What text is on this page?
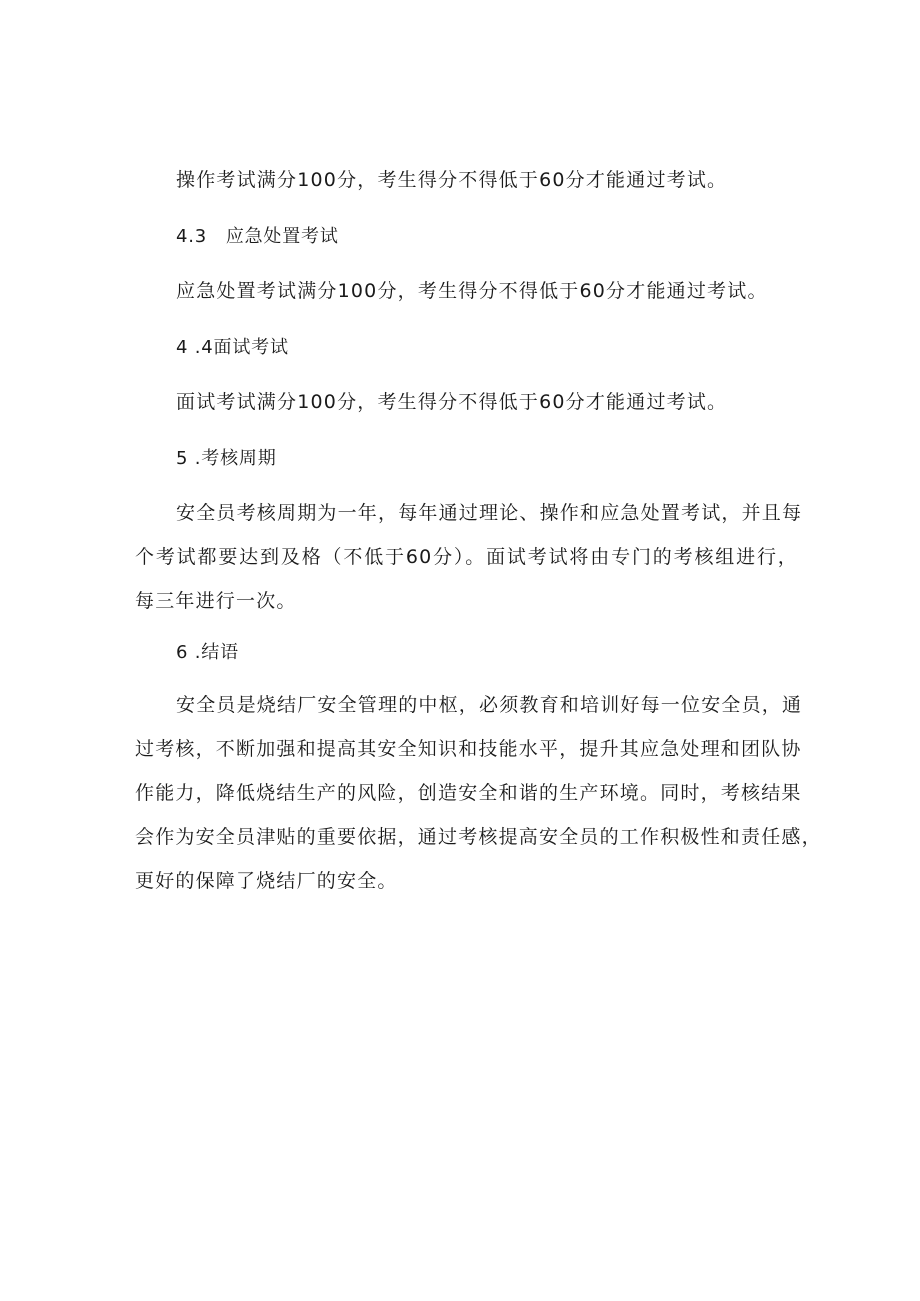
操作考试满分100分，考生得分不得低于60分才能通过考试。

4.3　应急处置考试

应急处置考试满分100分，考生得分不得低于60分才能通过考试。

4 .4面试考试

面试考试满分100分，考生得分不得低于60分才能通过考试。

5 .考核周期

安全员考核周期为一年，每年通过理论、操作和应急处置考试，并且每

个考试都要达到及格（不低于60分）。面试考试将由专门的考核组进行，

每三年进行一次。

6 .结语

安全员是烧结厂安全管理的中枢，必须教育和培训好每一位安全员，通

过考核，不断加强和提高其安全知识和技能水平，提升其应急处理和团队协

作能力，降低烧结生产的风险，创造安全和谐的生产环境。同时，考核结果

会作为安全员津贴的重要依据，通过考核提高安全员的工作积极性和责任感，

更好的保障了烧结厂的安全。
